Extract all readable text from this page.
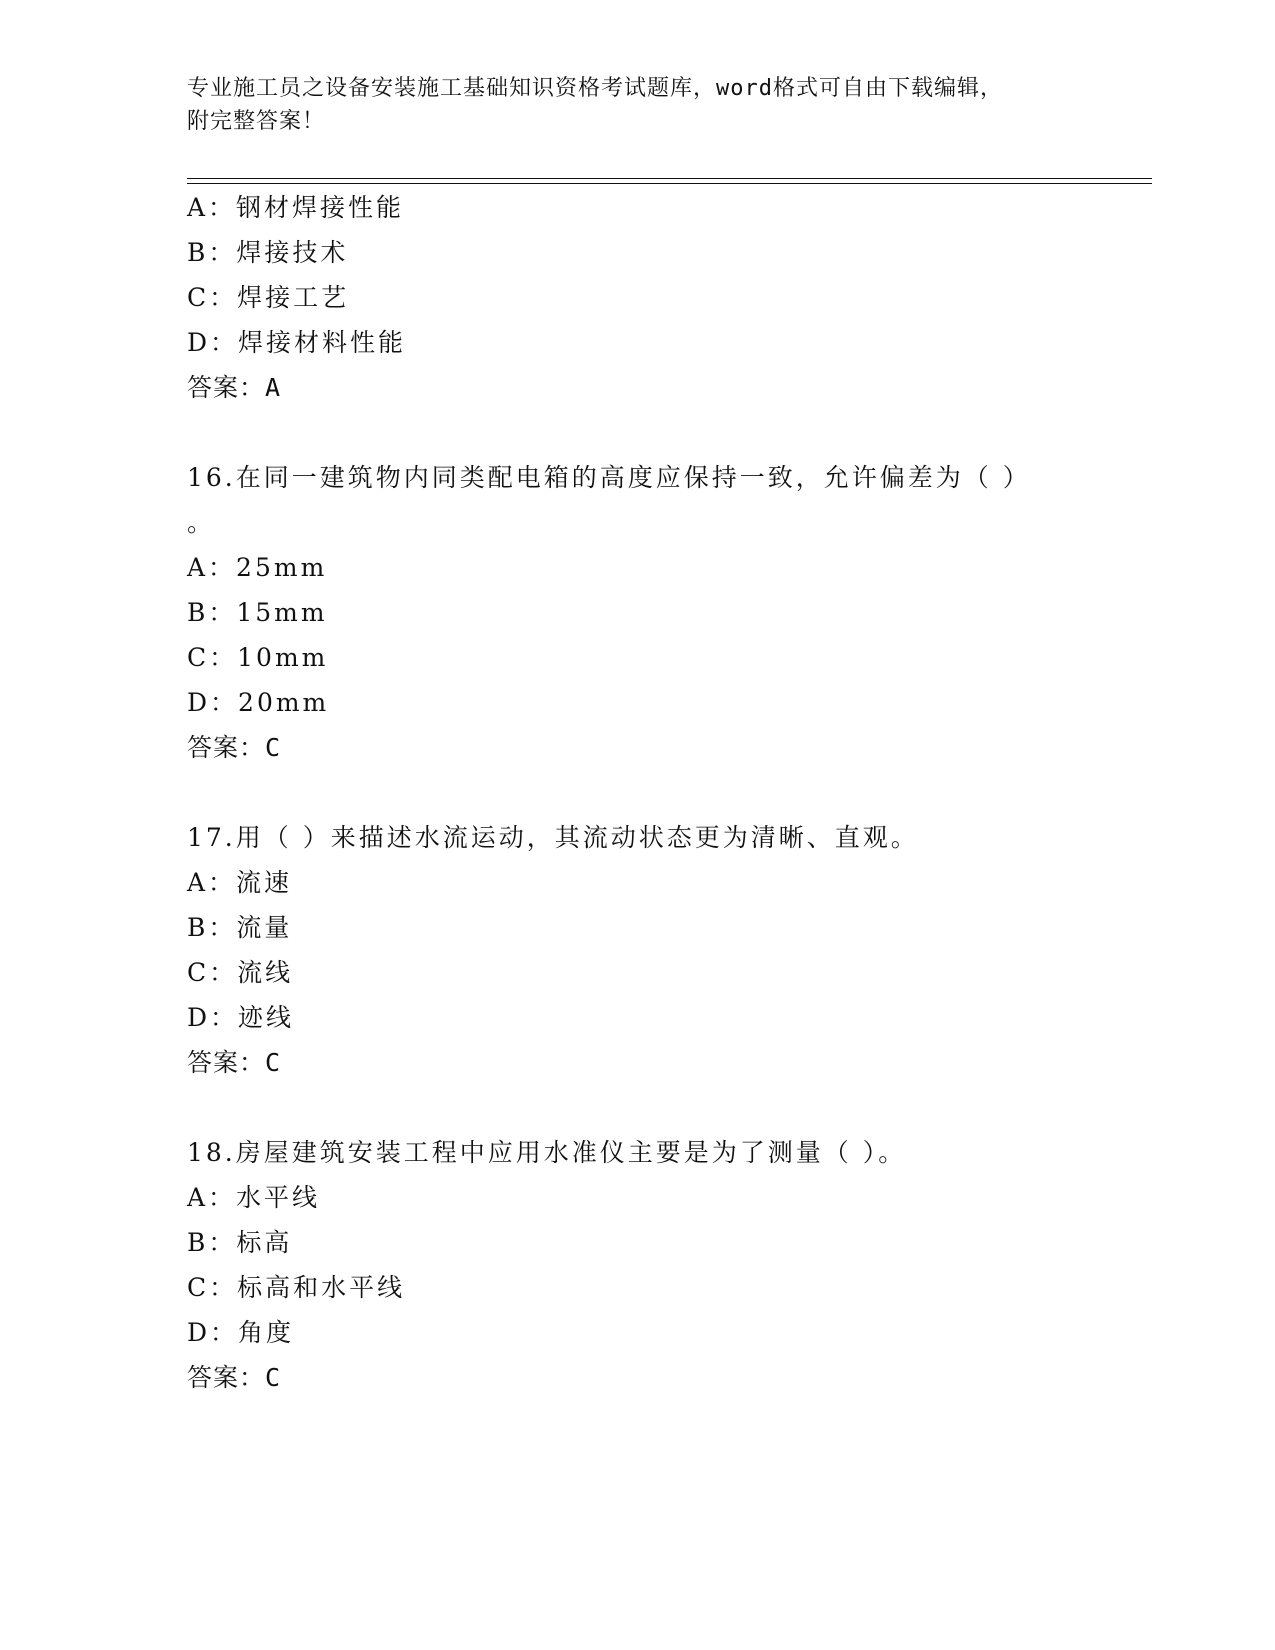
专业施工员之设备安装施工基础知识资格考试题库，word格式可自由下载编辑，
附完整答案！
A：钢材焊接性能
B：焊接技术
C：焊接工艺
D：焊接材料性能
答案：A
16.在同一建筑物内同类配电箱的高度应保持一致，允许偏差为（ ）
。
A：25mm
B：15mm
C：10mm
D：20mm
答案：C
17.用（ ）来描述水流运动，其流动状态更为清晰、直观。
A：流速
B：流量
C：流线
D：迹线
答案：C
18.房屋建筑安装工程中应用水准仪主要是为了测量（ ）。
A：水平线
B：标高
C：标高和水平线
D：角度
答案：C
